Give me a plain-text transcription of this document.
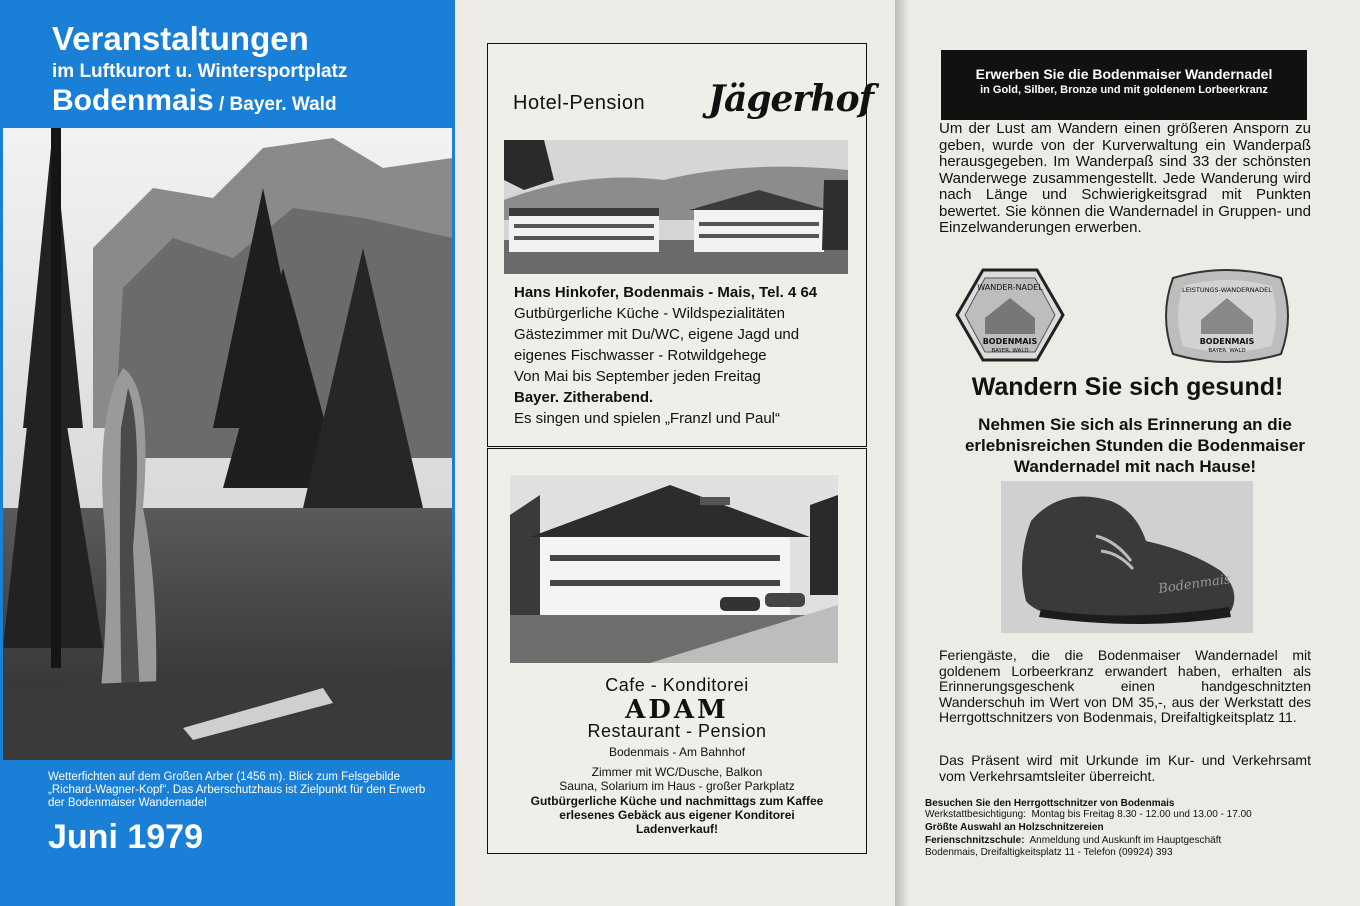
Veranstaltungen
im Luftkurort u. Wintersportplatz
Bodenmais / Bayer. Wald

Wetterfichten auf dem Großen Arber (1456 m). Blick zum Felsgebilde „Richard-Wagner-Kopf“. Das Arberschutzhaus ist Zielpunkt für den Erwerb der Bodenmaiser Wandernadel

Juni 1979

Hotel-Pension Jägerhof

Hans Hinkofer, Bodenmais - Mais, Tel. 4 64

Gutbürgerliche Küche - Wildspezialitäten

Gästezimmer mit Du/WC, eigene Jagd und

eigenes Fischwasser - Rotwildgehege

Von Mai bis September jeden Freitag

Bayer. Zitherabend.

Es singen und spielen „Franzl und Paul“

Cafe - Konditorei

ADAM

Restaurant - Pension

Bodenmais - Am Bahnhof

Zimmer mit WC/Dusche, Balkon
Sauna, Solarium im Haus - großer Parkplatz
Gutbürgerliche Küche und nachmittags zum Kaffee
erlesenes Gebäck aus eigener Konditorei
Ladenverkauf!

Erwerben Sie die Bodenmaiser Wandernadel

in Gold, Silber, Bronze und mit goldenem Lorbeerkranz

Um der Lust am Wandern einen größeren Ansporn zu geben, wurde von der Kurverwaltung ein Wanderpaß herausgegeben. Im Wanderpaß sind 33 der schönsten Wanderwege zusammengestellt. Jede Wanderung wird nach Länge und Schwierigkeitsgrad mit Punkten bewertet. Sie können die Wandernadel in Gruppen- und Einzelwanderungen erwerben.

WANDER-NADEL
BODENMAIS
BAYER. WALD
LEISTUNGS-WANDERNADEL
BODENMAIS
BAYER. WALD

Wandern Sie sich gesund!

Nehmen Sie sich als Erinnerung an die erlebnisreichen Stunden die Bodenmaiser Wandernadel mit nach Hause!

Bodenmais

Feriengäste, die die Bodenmaiser Wandernadel mit goldenem Lorbeerkranz erwandert haben, erhalten als Erinnerungsgeschenk einen handgeschnitzten Wanderschuh im Wert von DM 35,-, aus der Werkstatt des Herrgottschnitzers von Bodenmais, Dreifaltigkeitsplatz 11.

Das Präsent wird mit Urkunde im Kur- und Verkehrsamt vom Verkehrsamtsleiter überreicht.

Besuchen Sie den Herrgottschnitzer von Bodenmais

Werkstattbesichtigung: Montag bis Freitag 8.30 - 12.00 und 13.00 - 17.00

Größte Auswahl an Holzschnitzereien

Ferienschnitzschule: Anmeldung und Auskunft im Hauptgeschäft

Bodenmais, Dreifaltigkeitsplatz 11 - Telefon (09924) 393
